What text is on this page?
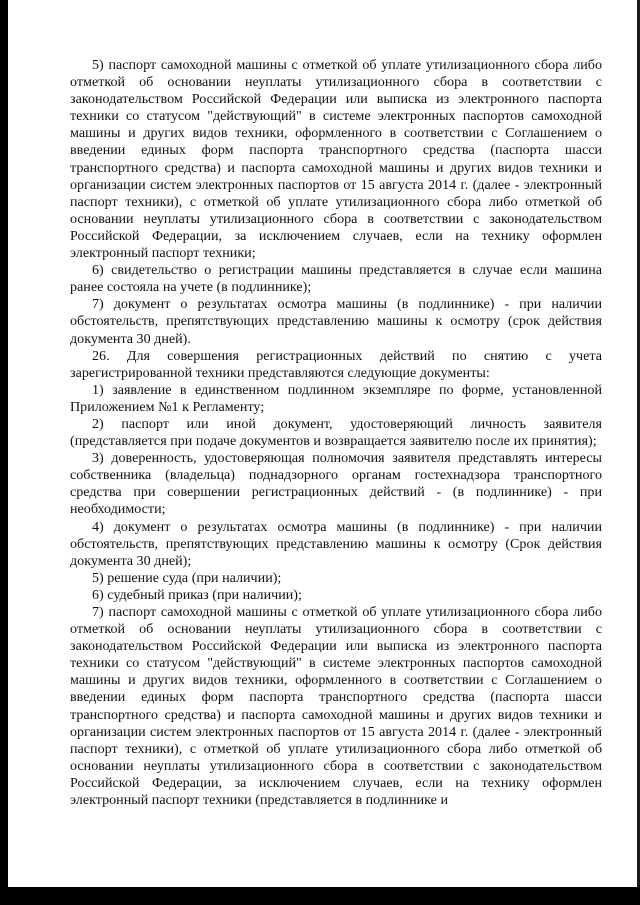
5) паспорт самоходной машины с отметкой об уплате утилизационного сбора либо отметкой об основании неуплаты утилизационного сбора в соответствии с законодательством Российской Федерации или выписка из электронного паспорта техники со статусом "действующий" в системе электронных паспортов самоходной машины и других видов техники, оформленного в соответствии с Соглашением о введении единых форм паспорта транспортного средства (паспорта шасси транспортного средства) и паспорта самоходной машины и других видов техники и организации систем электронных паспортов от 15 августа 2014 г. (далее - электронный паспорт техники), с отметкой об уплате утилизационного сбора либо отметкой об основании неуплаты утилизационного сбора в соответствии с законодательством Российской Федерации, за исключением случаев, если на технику оформлен электронный паспорт техники;

6) свидетельство о регистрации машины представляется в случае если машина ранее состояла на учете (в подлиннике);

7) документ о результатах осмотра машины (в подлиннике) - при наличии обстоятельств, препятствующих представлению машины к осмотру (срок действия документа 30 дней).

26. Для совершения регистрационных действий по снятию с учета зарегистрированной техники представляются следующие документы:

1) заявление в единственном подлинном экземпляре по форме, установленной Приложением №1 к Регламенту;

2) паспорт или иной документ, удостоверяющий личность заявителя (представляется при подаче документов и возвращается заявителю после их принятия);

3) доверенность, удостоверяющая полномочия заявителя представлять интересы собственника (владельца) поднадзорного органам гостехнадзора транспортного средства при совершении регистрационных действий - (в подлиннике) - при необходимости;

4) документ о результатах осмотра машины (в подлиннике) - при наличии обстоятельств, препятствующих представлению машины к осмотру (Срок действия документа 30 дней);

5) решение суда (при наличии);

6) судебный приказ (при наличии);

7) паспорт самоходной машины с отметкой об уплате утилизационного сбора либо отметкой об основании неуплаты утилизационного сбора в соответствии с законодательством Российской Федерации или выписка из электронного паспорта техники со статусом "действующий" в системе электронных паспортов самоходной машины и других видов техники, оформленного в соответствии с Соглашением о введении единых форм паспорта транспортного средства (паспорта шасси транспортного средства) и паспорта самоходной машины и других видов техники и организации систем электронных паспортов от 15 августа 2014 г. (далее - электронный паспорт техники), с отметкой об уплате утилизационного сбора либо отметкой об основании неуплаты утилизационного сбора в соответствии с законодательством Российской Федерации, за исключением случаев, если на технику оформлен электронный паспорт техники (представляется в подлиннике и
